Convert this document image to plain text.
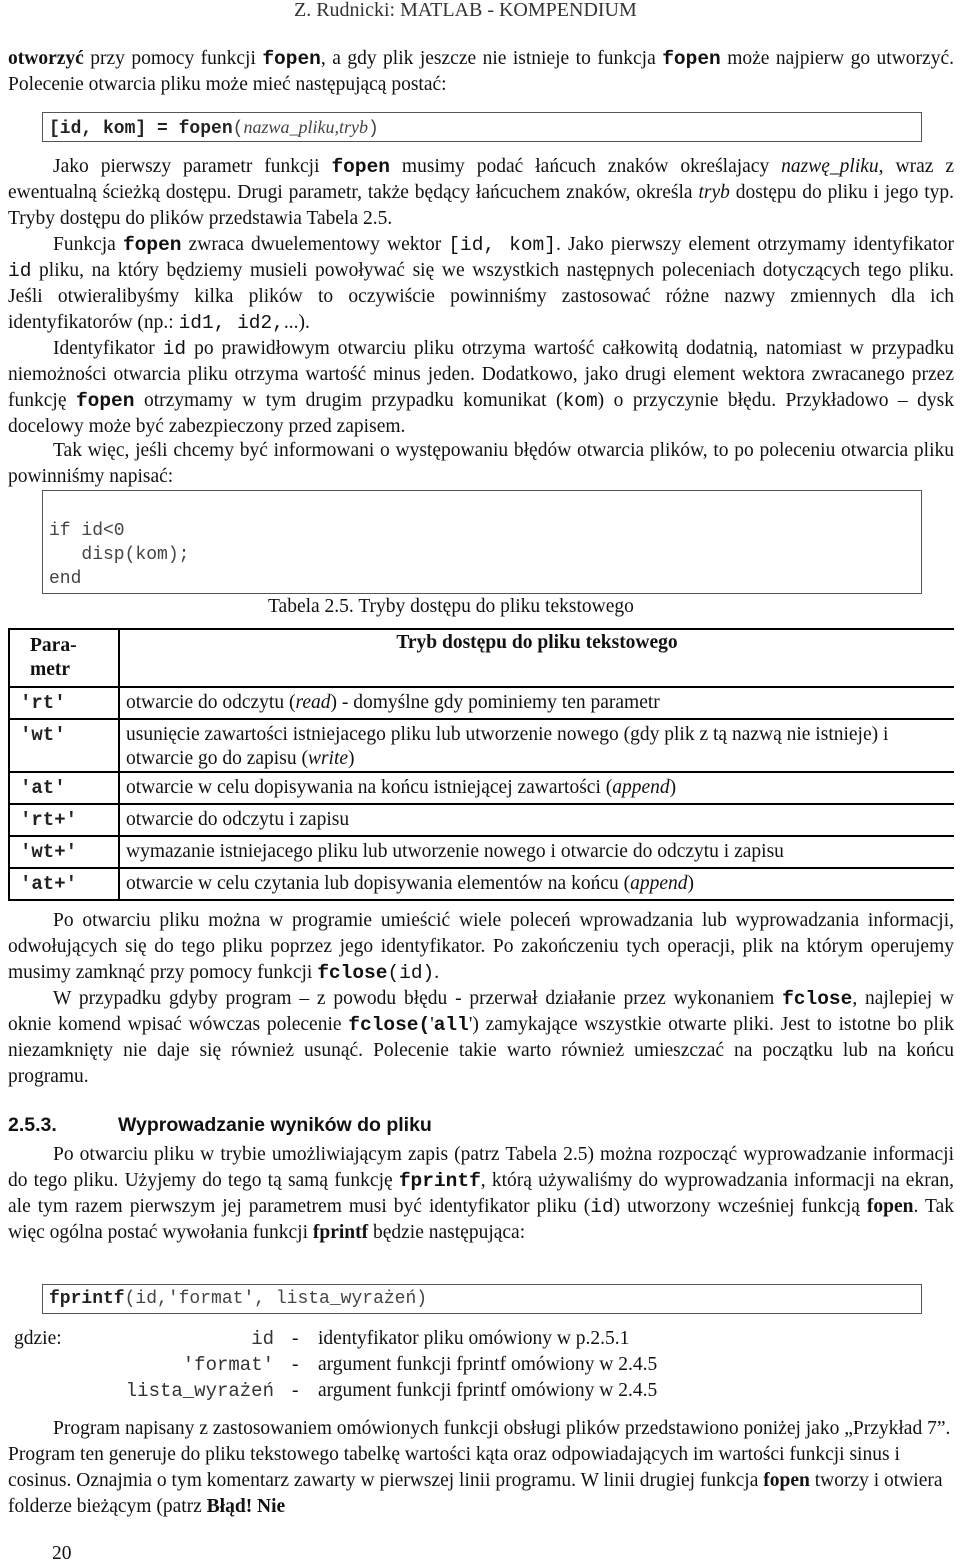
Z. Rudnicki: MATLAB - KOMPENDIUM

otworzyć przy pomocy funkcji fopen, a gdy plik jeszcze nie istnieje to funkcja fopen może najpierw go utworzyć. Polecenie otwarcia pliku może mieć następującą postać:

[id, kom] = fopen(nazwa_pliku,tryb)

Jako pierwszy parametr funkcji fopen musimy podać łańcuch znaków określajacy nazwę_pliku, wraz z ewentualną ścieżką dostępu. Drugi parametr, także będący łańcuchem znaków, określa tryb dostępu do pliku i jego typ. Tryby dostępu do plików przedstawia Tabela 2.5.

Funkcja fopen zwraca dwuelementowy wektor [id, kom]. Jako pierwszy element otrzymamy identyfikator id pliku, na który będziemy musieli powoływać się we wszystkich następnych poleceniach dotyczących tego pliku. Jeśli otwieralibyśmy kilka plików to oczywiście powinniśmy zastosować różne nazwy zmiennych dla ich identyfikatorów (np.: id1, id2,...).

Identyfikator id po prawidłowym otwarciu pliku otrzyma wartość całkowitą dodatnią, natomiast w przypadku niemożności otwarcia pliku otrzyma wartość minus jeden. Dodatkowo, jako drugi element wektora zwracanego przez funkcję fopen otrzymamy w tym drugim przypadku komunikat (kom) o przyczynie błędu. Przykładowo – dysk docelowy może być zabezpieczony przed zapisem.

Tak więc, jeśli chcemy być informowani o występowaniu błędów otwarcia plików, to po poleceniu otwarcia pliku powinniśmy napisać:

if id<0
disp(kom);
end

Tabela 2.5. Tryby dostępu do pliku tekstowego
Para-
metr	Tryb dostępu do pliku tekstowego
'rt'	otwarcie do odczytu (read) - domyślne gdy pominiemy ten parametr
'wt'	usunięcie zawartości istniejacego pliku lub utworzenie nowego (gdy plik z tą nazwą nie istnieje) i otwarcie go do zapisu (write)
'at'	otwarcie w celu dopisywania na końcu istniejącej zawartości (append)
'rt+'	otwarcie do odczytu i zapisu
'wt+'	wymazanie istniejacego pliku lub utworzenie nowego i otwarcie do odczytu i zapisu
'at+'	otwarcie w celu czytania lub dopisywania elementów na końcu (append)

Po otwarciu pliku można w programie umieścić wiele poleceń wprowadzania lub wyprowadzania informacji, odwołujących się do tego pliku poprzez jego identyfikator. Po zakończeniu tych operacji, plik na którym operujemy musimy zamknąć przy pomocy funkcji fclose(id).

W przypadku gdyby program – z powodu błędu - przerwał działanie przez wykonaniem fclose, najlepiej w oknie komend wpisać wówczas polecenie fclose('all') zamykające wszystkie otwarte pliki. Jest to istotne bo plik niezamknięty nie daje się również usunąć. Polecenie takie warto również umieszczać na początku lub na końcu programu.

2.5.3.	Wyprowadzanie wyników do pliku

Po otwarciu pliku w trybie umożliwiającym zapis (patrz Tabela 2.5) można rozpocząć wyprowadzanie informacji do tego pliku. Użyjemy do tego tą samą funkcję fprintf, którą używaliśmy do wyprowadzania informacji na ekran, ale tym razem pierwszym jej parametrem musi być identyfikator pliku (id) utworzony wcześniej funkcją fopen. Tak więc ogólna postać wywołania funkcji fprintf będzie następująca:

fprintf(id,'format', lista_wyrażeń)
gdzie:	id - identyfikator pliku omówiony w p.2.5.1
'format' - argument funkcji fprintf omówiony w 2.4.5
lista_wyrażeń - argument funkcji fprintf omówiony w 2.4.5

Program napisany z zastosowaniem omówionych funkcji obsługi plików przedstawiono poniżej jako „Przykład 7”. Program ten generuje do pliku tekstowego tabelkę wartości kąta oraz odpowiadających im wartości funkcji sinus i cosinus. Oznajmia o tym komentarz zawarty w pierwszej linii programu. W linii drugiej funkcja fopen tworzy i otwiera folderze bieżącym (patrz Błąd! Nie

20
